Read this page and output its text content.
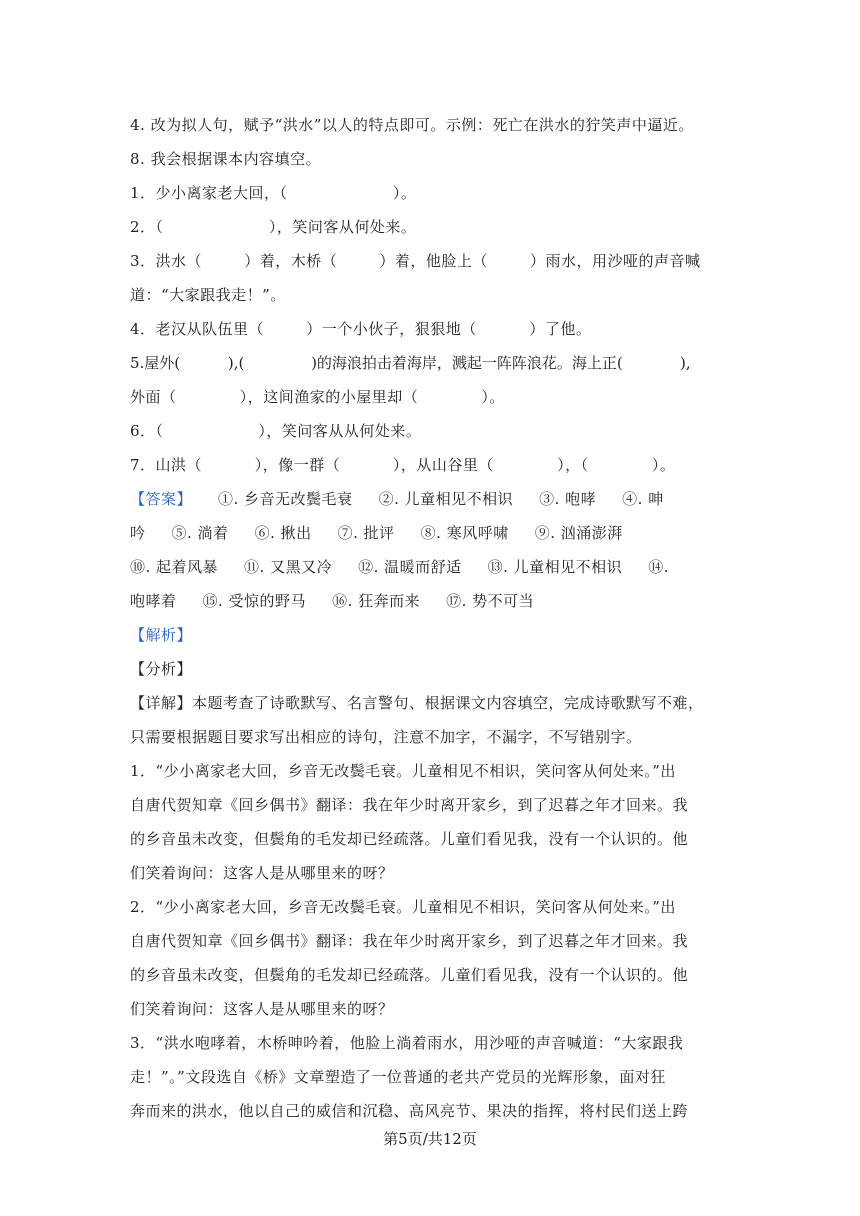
4. 改为拟人句，赋予“洪水”以人的特点即可。示例：死亡在洪水的狞笑声中逼近。
8. 我会根据课本内容填空。
1．少小离家老大回，（                    ）。
2．（                    ），笑问客从何处来。
3．洪水（        ）着，木桥（        ）着，他脸上（        ）雨水，用沙哑的声音喊
道：“大家跟我走！”。
4．老汉从队伍里（        ）一个小伙子，狠狠地（          ）了他。
5.屋外(          ),(              )的海浪拍击着海岸，溅起一阵阵浪花。海上正(            ),
外面（            ），这间渔家的小屋里却（            ）。
6．（                  ），笑问客从从何处来。
7．山洪（          ），像一群（          ），从山谷里（            ），（            ）。
【答案】 ①. 乡音无改鬓毛衰 ②. 儿童相见不相识 ③. 咆哮 ④. 呻
吟 ⑤. 淌着 ⑥. 揪出 ⑦. 批评 ⑧. 寒风呼啸 ⑨. 汹涌澎湃
⑩. 起着风暴 ⑪. 又黑又冷 ⑫. 温暖而舒适 ⑬. 儿童相见不相识 ⑭.
咆哮着 ⑮. 受惊的野马 ⑯. 狂奔而来 ⑰. 势不可当
【解析】
【分析】
【详解】本题考查了诗歌默写、名言警句、根据课文内容填空，完成诗歌默写不难，
只需要根据题目要求写出相应的诗句，注意不加字，不漏字，不写错别字。
1．“少小离家老大回，乡音无改鬓毛衰。儿童相见不相识，笑问客从何处来。”出
自唐代贺知章《回乡偶书》翻译：我在年少时离开家乡，到了迟暮之年才回来。我
的乡音虽未改变，但鬓角的毛发却已经疏落。儿童们看见我，没有一个认识的。他
们笑着询问：这客人是从哪里来的呀？
2．“少小离家老大回，乡音无改鬓毛衰。儿童相见不相识，笑问客从何处来。”出
自唐代贺知章《回乡偶书》翻译：我在年少时离开家乡，到了迟暮之年才回来。我
的乡音虽未改变，但鬓角的毛发却已经疏落。儿童们看见我，没有一个认识的。他
们笑着询问：这客人是从哪里来的呀？
3．“洪水咆哮着，木桥呻吟着，他脸上淌着雨水，用沙哑的声音喊道：“大家跟我
走！”。”文段选自《桥》文章塑造了一位普通的老共产党员的光辉形象，面对狂
奔而来的洪水，他以自己的威信和沉稳、高风亮节、果决的指挥，将村民们送上跨
第5页/共12页
